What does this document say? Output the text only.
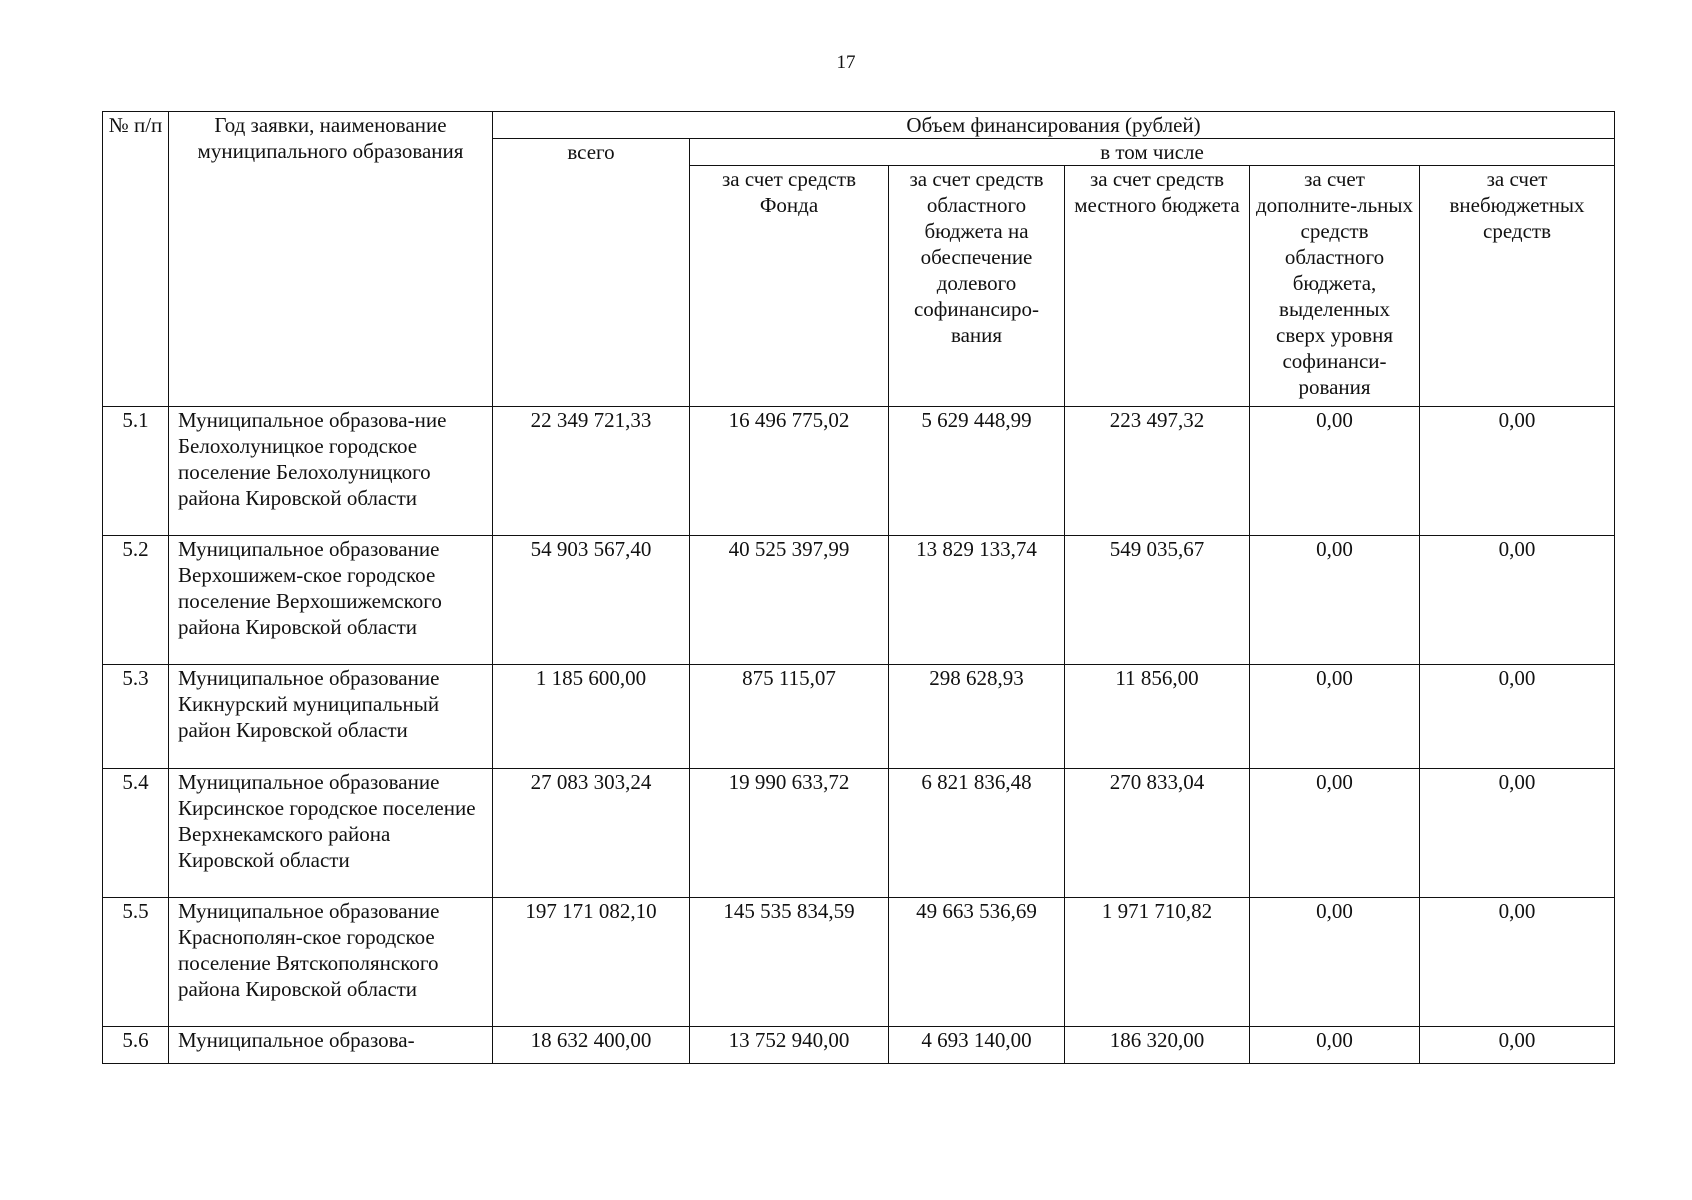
17
№ п/п	Год заявки, наименование муниципального образования	Объем финансирования (рублей)					
		всего	в том числе				
			за счет средств Фонда	за счет средств областного бюджета на обеспечение долевого софинансиро-вания	за счет средств местного бюджета	за счет дополните-льных средств областного бюджета, выделенных сверх уровня софинанси-рования	за счет внебюджетных средств
5.1	Муниципальное образова-ние Белохолуницкое городское поселение Белохолуницкого района Кировской области	22 349 721,33	16 496 775,02	5 629 448,99	223 497,32	0,00	0,00
5.2	Муниципальное образование Верхошижем-ское городское поселение Верхошижемского района Кировской области	54 903 567,40	40 525 397,99	13 829 133,74	549 035,67	0,00	0,00
5.3	Муниципальное образование Кикнурский муниципальный район Кировской области	1 185 600,00	875 115,07	298 628,93	11 856,00	0,00	0,00
5.4	Муниципальное образование Кирсинское городское поселение Верхнекамского района Кировской области	27 083 303,24	19 990 633,72	6 821 836,48	270 833,04	0,00	0,00
5.5	Муниципальное образование Краснополян-ское городское поселение Вятскополянского района Кировской области	197 171 082,10	145 535 834,59	49 663 536,69	1 971 710,82	0,00	0,00
5.6	Муниципальное образова-	18 632 400,00	13 752 940,00	4 693 140,00	186 320,00	0,00	0,00
